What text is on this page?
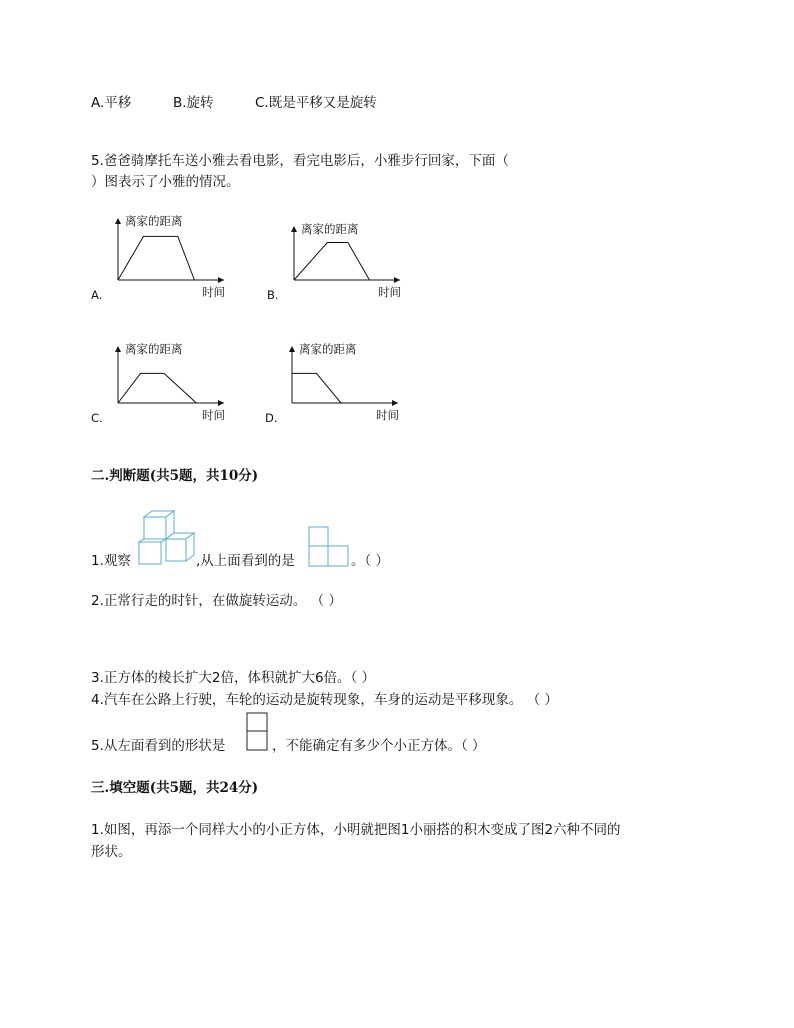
A.平移	B.旋转	C.既是平移又是旋转
5.爸爸骑摩托车送小雅去看电影，看完电影后，小雅步行回家，下面（
）图表示了小雅的情况。
离家的距离
时间
A.
离家的距离
时间
B.
离家的距离
时间
C.
离家的距离
时间
D.
二.判断题(共5题，共10分)
1.观察	,从上面看到的是	。（ ）
2.正常行走的时针，在做旋转运动。 （ ）
3.正方体的棱长扩大2倍，体积就扩大6倍。（ ）
4.汽车在公路上行驶，车轮的运动是旋转现象，车身的运动是平移现象。 （ ）
5.从左面看到的形状是	，不能确定有多少个小正方体。（ ）
三.填空题(共5题，共24分)
1.如图，再添一个同样大小的小正方体，小明就把图1小丽搭的积木变成了图2六种不同的
形状。
